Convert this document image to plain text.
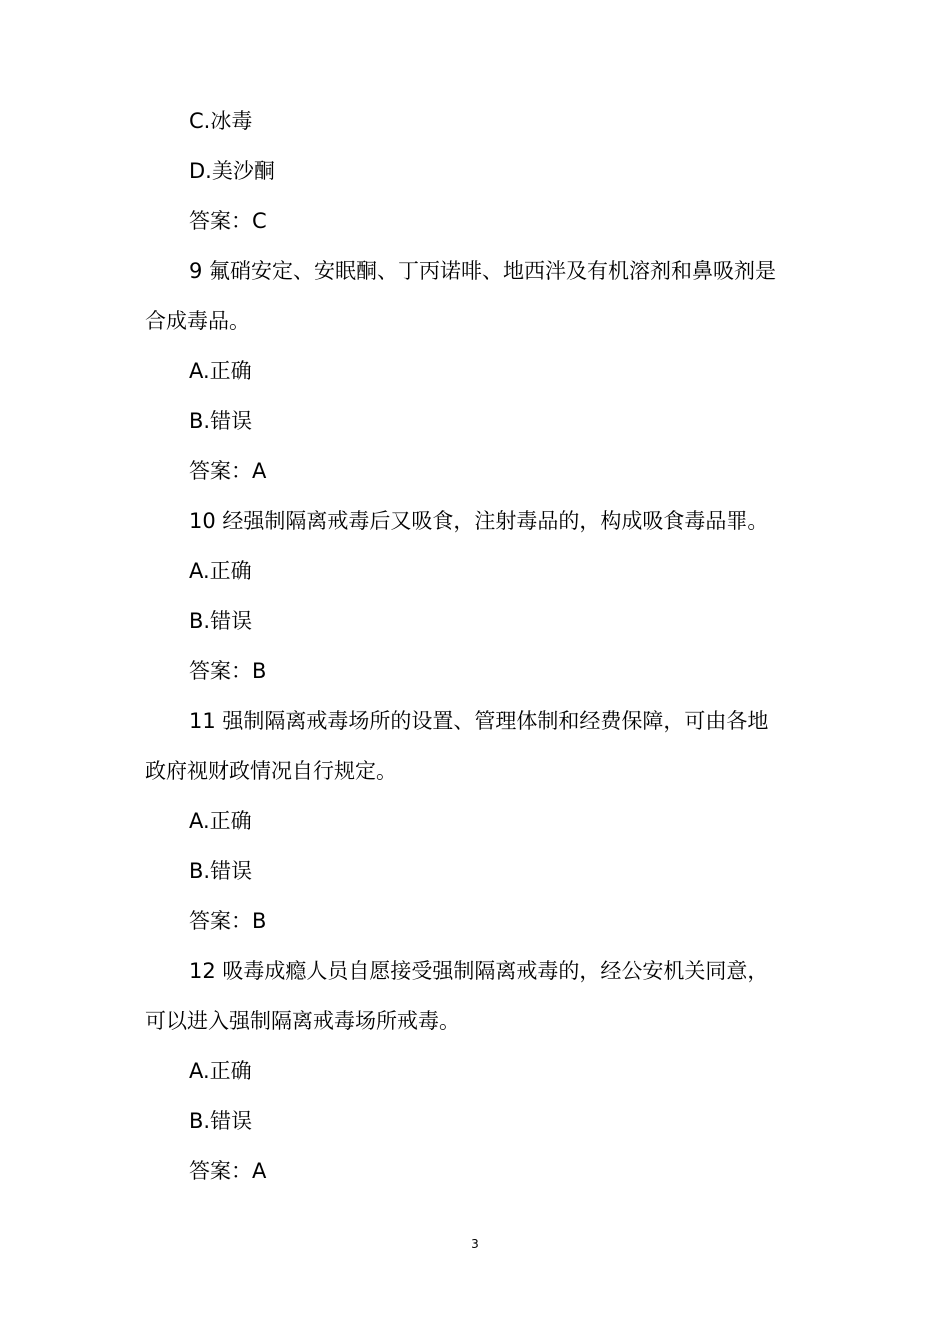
C.冰毒
D.美沙酮
答案：C
9 氟硝安定、安眠酮、丁丙诺啡、地西泮及有机溶剂和鼻吸剂是
合成毒品。
A.正确
B.错误
答案：A
10 经强制隔离戒毒后又吸食，注射毒品的，构成吸食毒品罪。
A.正确
B.错误
答案：B
11 强制隔离戒毒场所的设置、管理体制和经费保障，可由各地
政府视财政情况自行规定。
A.正确
B.错误
答案：B
12 吸毒成瘾人员自愿接受强制隔离戒毒的，经公安机关同意，
可以进入强制隔离戒毒场所戒毒。
A.正确
B.错误
答案：A
3
